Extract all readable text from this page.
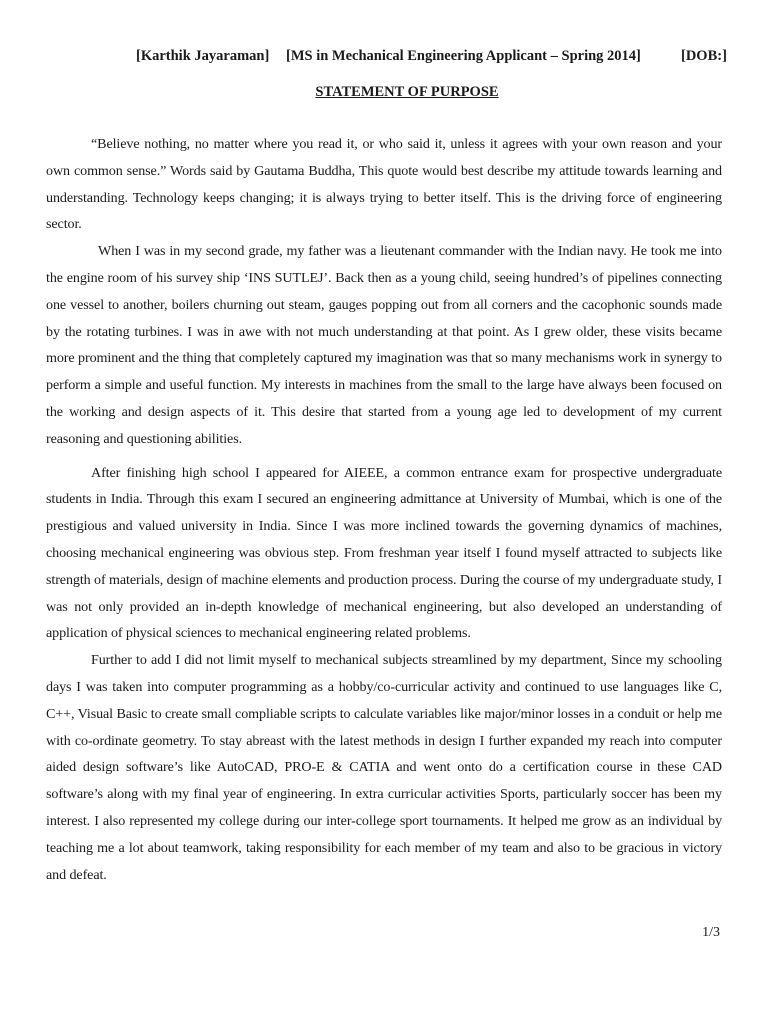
[Karthik Jayaraman] [MS in Mechanical Engineering Applicant – Spring 2014]	[DOB:]
STATEMENT OF PURPOSE

“Believe nothing, no matter where you read it, or who said it, unless it agrees with your own reason and your own common sense.” Words said by Gautama Buddha, This quote would best describe my attitude towards learning and understanding. Technology keeps changing; it is always trying to better itself. This is the driving force of engineering sector.

When I was in my second grade, my father was a lieutenant commander with the Indian navy. He took me into the engine room of his survey ship ‘INS SUTLEJ’. Back then as a young child, seeing hundred’s of pipelines connecting one vessel to another, boilers churning out steam, gauges popping out from all corners and the cacophonic sounds made by the rotating turbines. I was in awe with not much understanding at that point. As I grew older, these visits became more prominent and the thing that completely captured my imagination was that so many mechanisms work in synergy to perform a simple and useful function. My interests in machines from the small to the large have always been focused on the working and design aspects of it. This desire that started from a young age led to development of my current reasoning and questioning abilities.

After finishing high school I appeared for AIEEE, a common entrance exam for prospective undergraduate students in India. Through this exam I secured an engineering admittance at University of Mumbai, which is one of the prestigious and valued university in India. Since I was more inclined towards the governing dynamics of machines, choosing mechanical engineering was obvious step. From freshman year itself I found myself attracted to subjects like strength of materials, design of machine elements and production process. During the course of my undergraduate study, I was not only provided an in-depth knowledge of mechanical engineering, but also developed an understanding of application of physical sciences to mechanical engineering related problems.

Further to add I did not limit myself to mechanical subjects streamlined by my department, Since my schooling days I was taken into computer programming as a hobby/co-curricular activity and continued to use languages like C, C++, Visual Basic to create small compliable scripts to calculate variables like major/minor losses in a conduit or help me with co-ordinate geometry. To stay abreast with the latest methods in design I further expanded my reach into computer aided design software’s like AutoCAD, PRO-E & CATIA and went onto do a certification course in these CAD software’s along with my final year of engineering. In extra curricular activities Sports, particularly soccer has been my interest. I also represented my college during our inter-college sport tournaments. It helped me grow as an individual by teaching me a lot about teamwork, taking responsibility for each member of my team and also to be gracious in victory and defeat.

1/3
